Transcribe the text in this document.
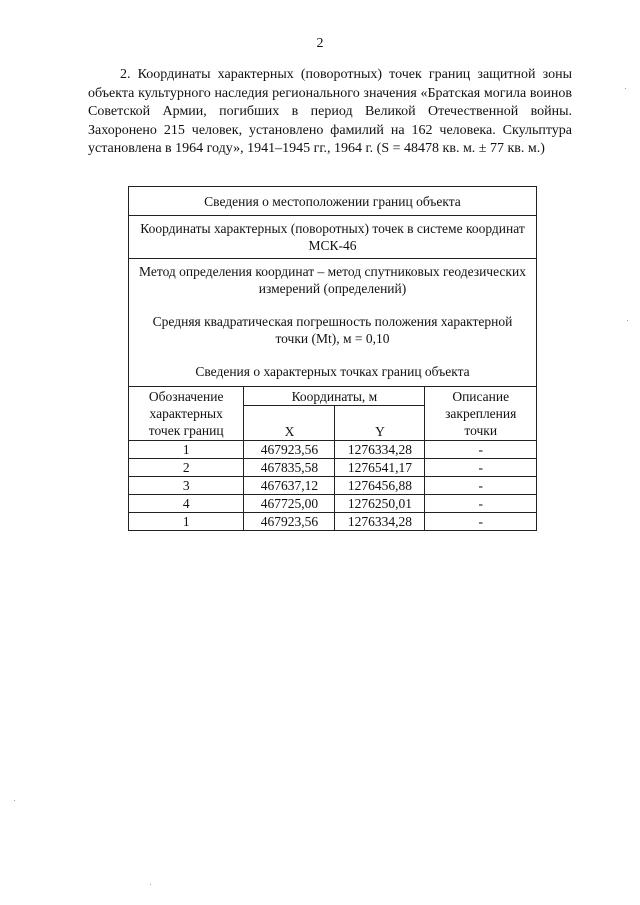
2
2. Координаты характерных (поворотных) точек границ защитной зоны объекта культурного наследия регионального значения «Братская могила воинов Советской Армии, погибших в период Великой Отечественной войны. Захоронено 215 человек, установлено фамилий на 162 человека. Скульптура установлена в 1964 году», 1941–1945 гг., 1964 г. (S = 48478 кв. м. ± 77 кв. м.)
Сведения о местоположении границ объекта			
Координаты характерных (поворотных) точек в системе координат МСК-46			

Метод определения координат – метод спутниковых геодезических измерений (определений)

Средняя квадратическая погрешность положения характерной точки (Mt), м = 0,10

Сведения о характерных точках границ объекта			

Обозначение характерных точек границ	Координаты, м		Описание закрепления точки
	X	Y	
1	467923,56	1276334,28	-
2	467835,58	1276541,17	-
3	467637,12	1276456,88	-
4	467725,00	1276250,01	-
1	467923,56	1276334,28	-
